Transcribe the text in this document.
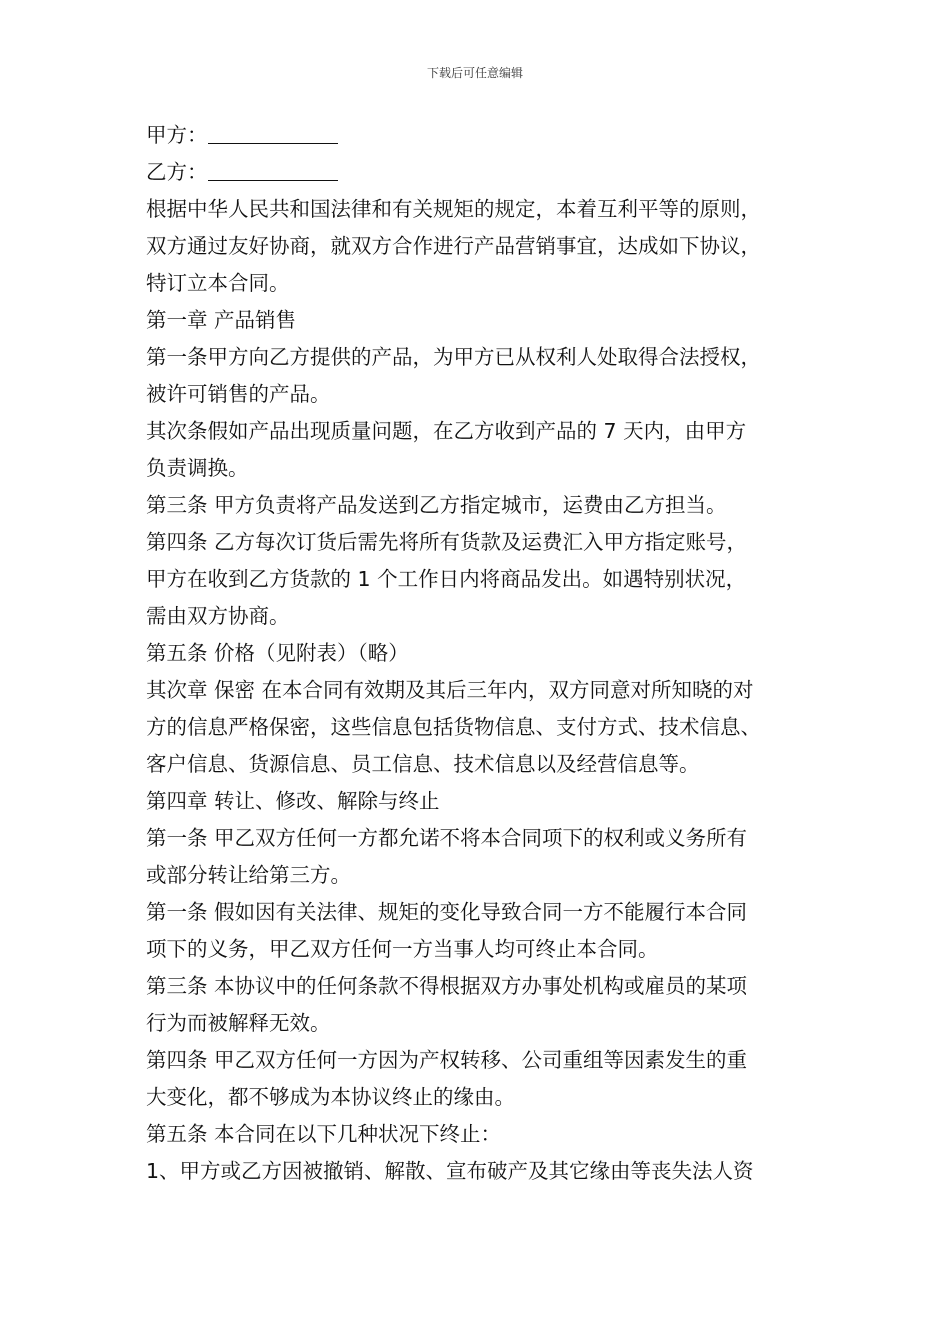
下载后可任意编辑
甲方：
乙方：
根据中华人民共和国法律和有关规矩的规定，本着互利平等的原则，
双方通过友好协商，就双方合作进行产品营销事宜，达成如下协议，
特订立本合同。
第一章 产品销售
第一条甲方向乙方提供的产品，为甲方已从权利人处取得合法授权，
被许可销售的产品。
其次条假如产品出现质量问题，在乙方收到产品的 7 天内，由甲方
负责调换。
第三条 甲方负责将产品发送到乙方指定城市，运费由乙方担当。
第四条 乙方每次订货后需先将所有货款及运费汇入甲方指定账号，
甲方在收到乙方货款的 1 个工作日内将商品发出。如遇特别状况，
需由双方协商。
第五条 价格（见附表）（略）
其次章 保密 在本合同有效期及其后三年内，双方同意对所知晓的对
方的信息严格保密，这些信息包括货物信息、支付方式、技术信息、
客户信息、货源信息、员工信息、技术信息以及经营信息等。
第四章 转让、修改、解除与终止
第一条 甲乙双方任何一方都允诺不将本合同项下的权利或义务所有
或部分转让给第三方。
第一条 假如因有关法律、规矩的变化导致合同一方不能履行本合同
项下的义务，甲乙双方任何一方当事人均可终止本合同。
第三条 本协议中的任何条款不得根据双方办事处机构或雇员的某项
行为而被解释无效。
第四条 甲乙双方任何一方因为产权转移、公司重组等因素发生的重
大变化，都不够成为本协议终止的缘由。
第五条 本合同在以下几种状况下终止：
1、甲方或乙方因被撤销、解散、宣布破产及其它缘由等丧失法人资
